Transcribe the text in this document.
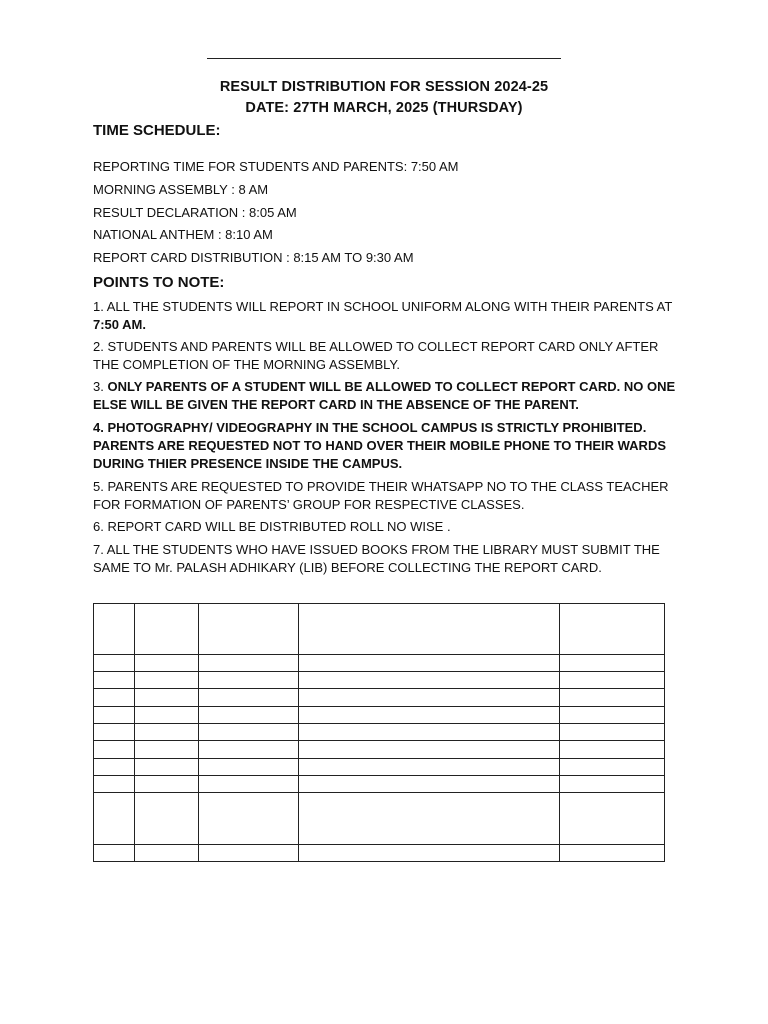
RESULT DISTRIBUTION FOR SESSION 2024-25
DATE: 27TH MARCH, 2025 (THURSDAY)
TIME SCHEDULE:
REPORTING TIME FOR STUDENTS AND PARENTS: 7:50 AM
MORNING ASSEMBLY : 8 AM
RESULT DECLARATION : 8:05 AM
NATIONAL ANTHEM : 8:10 AM
REPORT CARD DISTRIBUTION : 8:15 AM TO 9:30 AM
POINTS TO NOTE:
1. ALL THE STUDENTS WILL REPORT IN SCHOOL UNIFORM ALONG WITH THEIR PARENTS AT 7:50 AM.
2. STUDENTS AND PARENTS WILL BE ALLOWED TO COLLECT REPORT CARD ONLY AFTER THE COMPLETION OF THE MORNING ASSEMBLY.
3. ONLY PARENTS OF A STUDENT WILL BE ALLOWED TO COLLECT REPORT CARD. NO ONE ELSE WILL BE GIVEN THE REPORT CARD IN THE ABSENCE OF THE PARENT.
4. PHOTOGRAPHY/ VIDEOGRAPHY IN THE SCHOOL CAMPUS IS STRICTLY PROHIBITED. PARENTS ARE REQUESTED NOT TO HAND OVER THEIR MOBILE PHONE TO THEIR WARDS DURING THIER PRESENCE INSIDE THE CAMPUS.
5. PARENTS ARE REQUESTED TO PROVIDE THEIR WHATSAPP NO TO THE CLASS TEACHER FOR FORMATION OF PARENTS’ GROUP FOR RESPECTIVE CLASSES.
6. REPORT CARD WILL BE DISTRIBUTED ROLL NO WISE .
7. ALL THE STUDENTS WHO HAVE ISSUED BOOKS FROM THE LIBRARY MUST SUBMIT THE SAME TO Mr. PALASH ADHIKARY (LIB) BEFORE COLLECTING THE REPORT CARD.
